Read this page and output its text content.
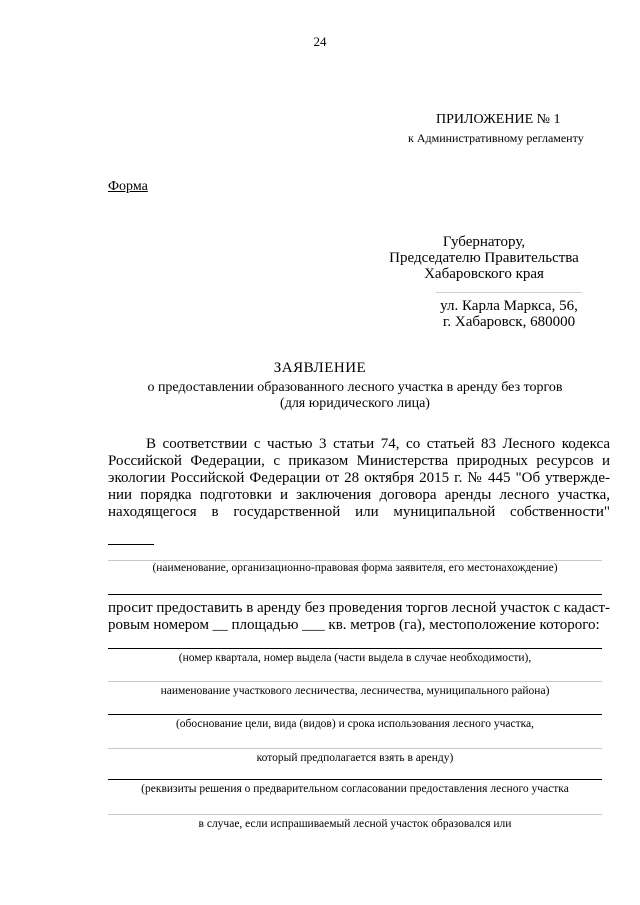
24
ПРИЛОЖЕНИЕ № 1
к Административному регламенту
Форма
Губернатору,
Председателю Правительства
Хабаровского края
ул. Карла Маркса, 56,
г. Хабаровск, 680000
ЗАЯВЛЕНИЕ
о предоставлении образованного лесного участка в аренду без торгов
(для юридического лица)
В соответствии с частью 3 статьи 74, со статьей 83 Лесного кодекса
Российской Федерации, с приказом Министерства природных ресурсов и
экологии Российской Федерации от 28 октября 2015 г. № 445 "Об утвержде-
нии порядка подготовки и заключения договора аренды лесного участка,
находящегося в государственной или муниципальной собственности"
(наименование, организационно-правовая форма заявителя, его местонахождение)
просит предоставить в аренду без проведения торгов лесной участок с кадаст-
ровым номером __ площадью ___ кв. метров (га), местоположение которого:
(номер квартала, номер выдела (части выдела в случае необходимости),
наименование участкового лесничества, лесничества, муниципального района)
(обоснование цели, вида (видов) и срока использования лесного участка,
который предполагается взять в аренду)
(реквизиты решения о предварительном согласовании предоставления лесного участка
в случае, если испрашиваемый лесной участок образовался или
